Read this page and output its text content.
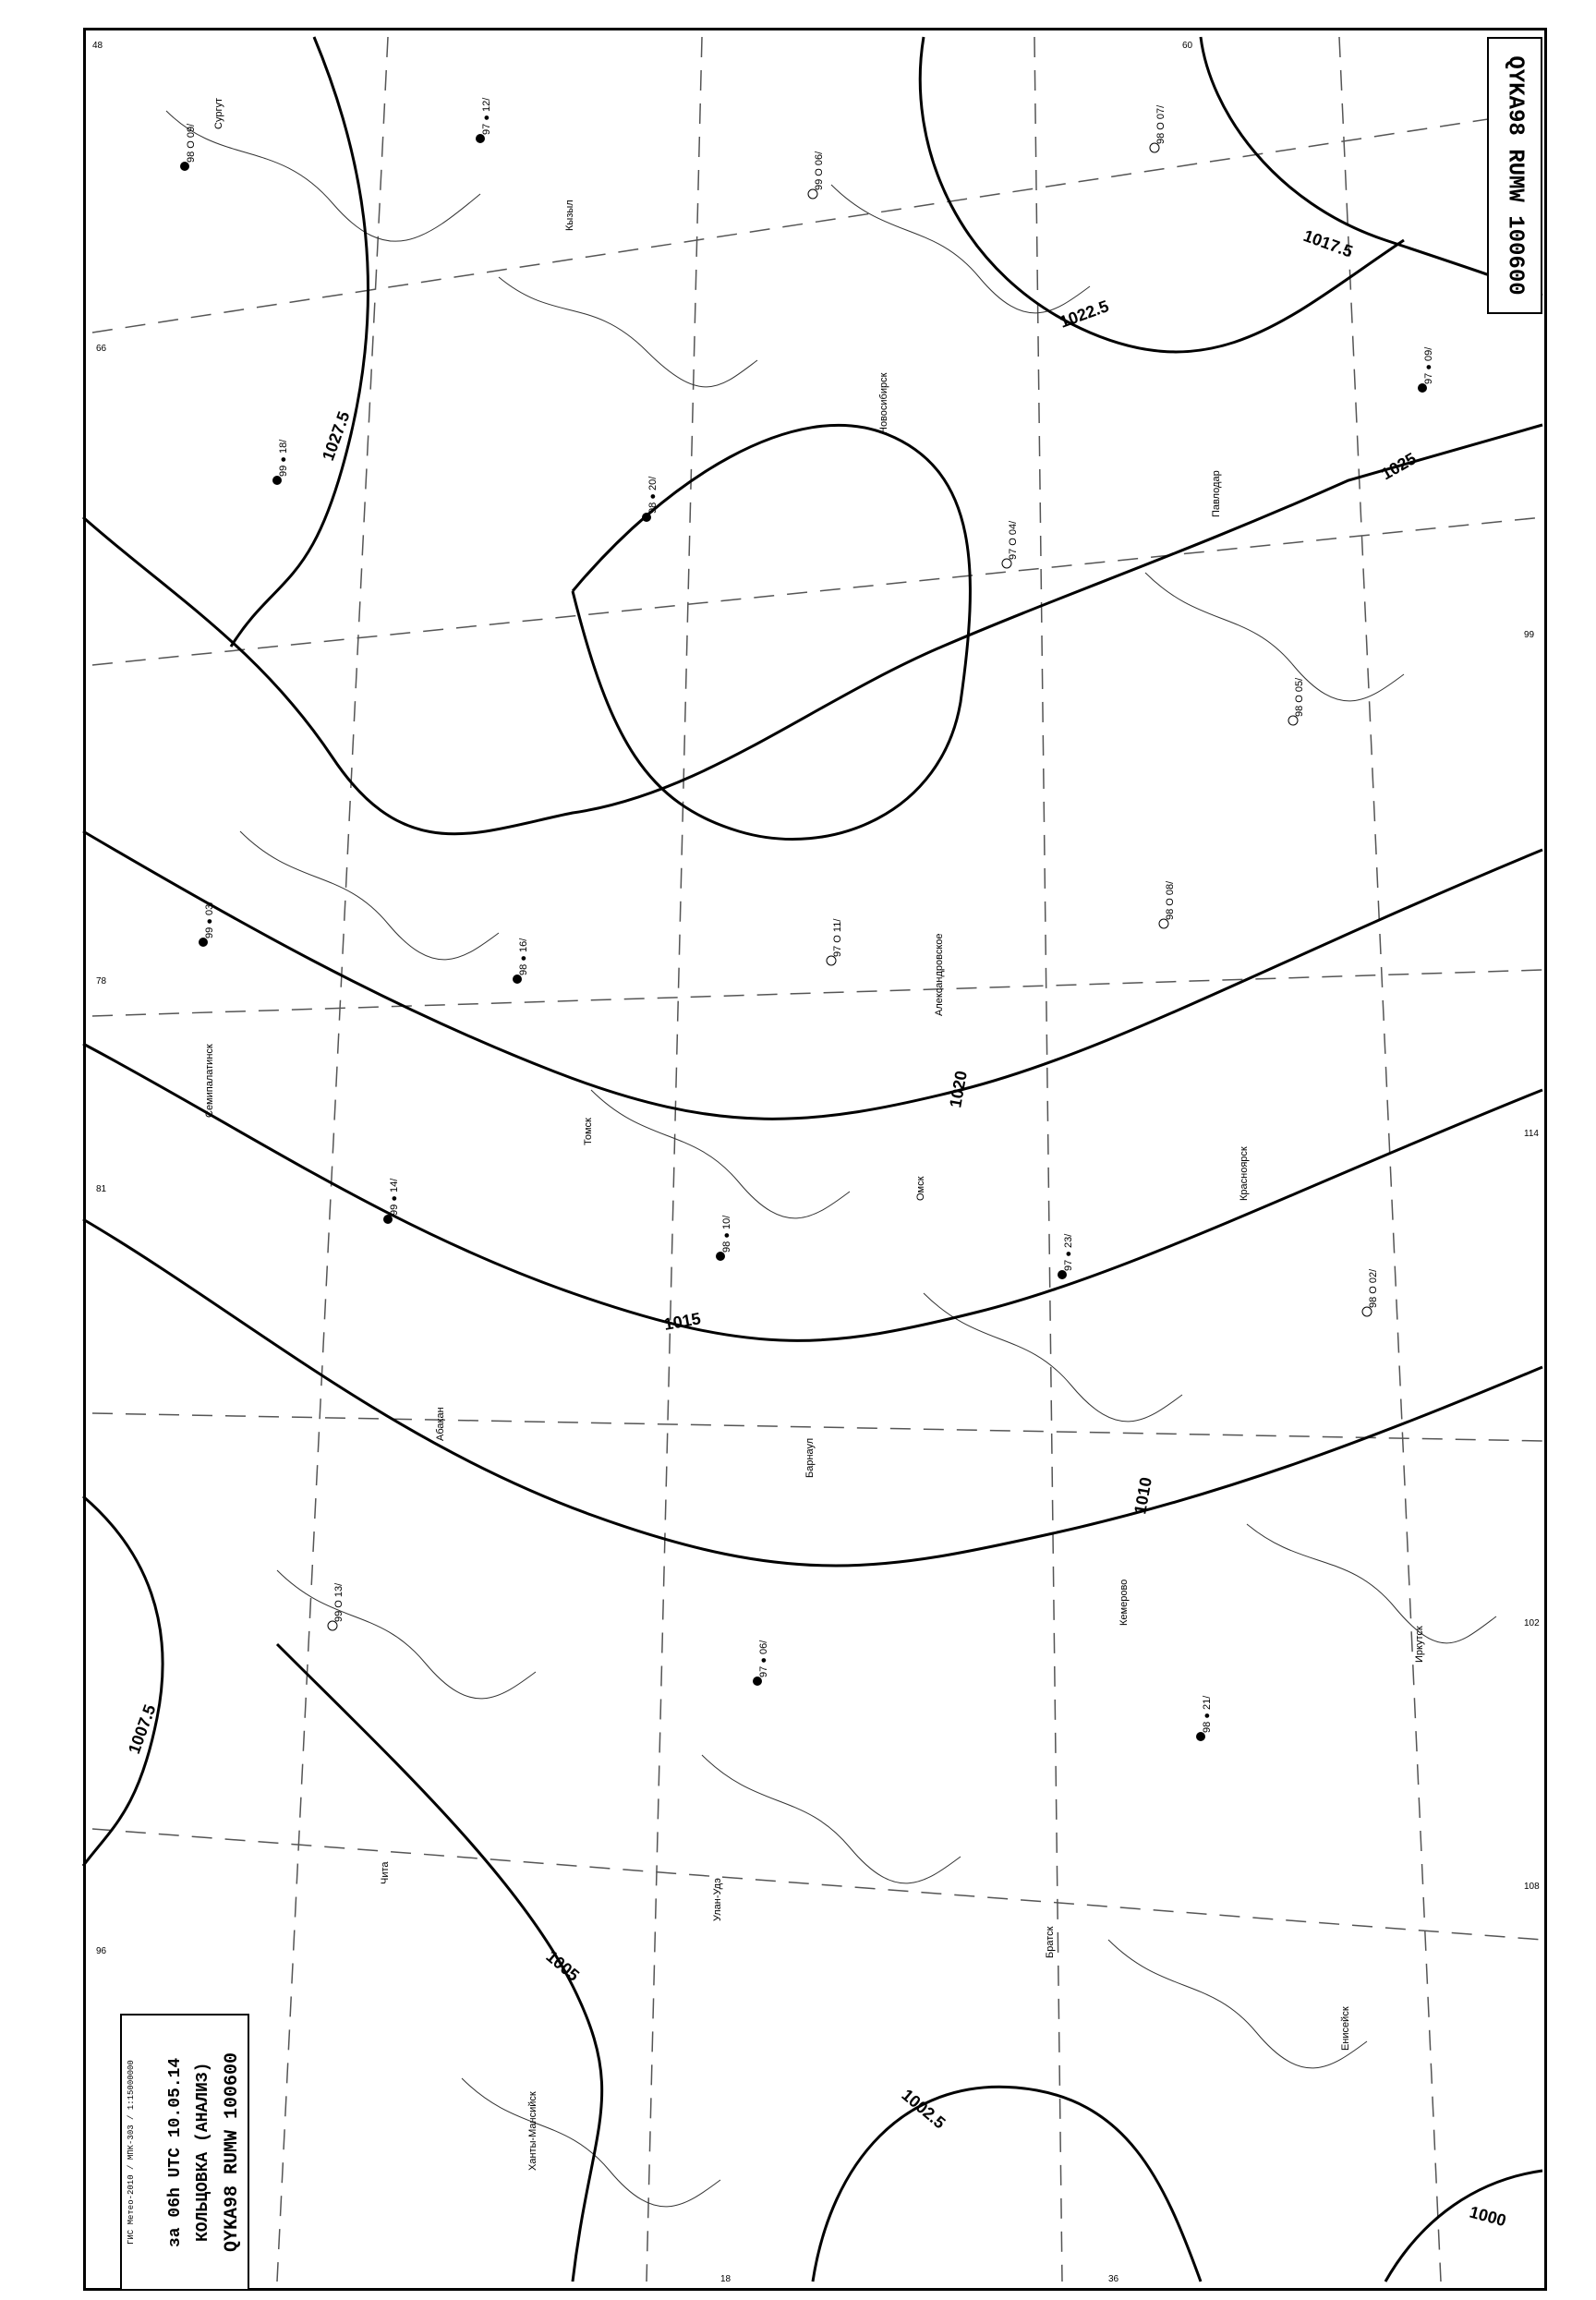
1027.5
1025
1022.5
1020
1017.5
1015
1010
1007.5
1005
1002.5
1000
98 O 09/
97 ● 12/
99 O 06/
98 O 07/
97 ● 09/
99 ● 18/
98 ● 20/
97 O 04/
98 O 05/
99 ● 03/
98 ● 16/	97 O 11/
98 O 08/
99 ● 14/
98 ● 10/	97 ● 23/
98 O 02/
99 O 13/
97 ● 06/
98 ● 21/
Сургут
Кызыл
Новосибирск
Павлодар
Семипалатинск
Томск
Омск	Красноярск
Абакан
Барнаул
Кемерово
Иркутск
Чита
Улан-Удэ
Братск
Енисейск
Ханты-Мансийск
Александровское
48
66
78
81
96
102
108
114
99
36
18
60
QYKA98 RUMW 100600
QYKA98 RUMW 100600
КОЛЬЦОВКА (АНАЛИЗ)
за 06h UTC 10.05.14
ГИС Метео-2010 / МПК-303 / 1:15000000
